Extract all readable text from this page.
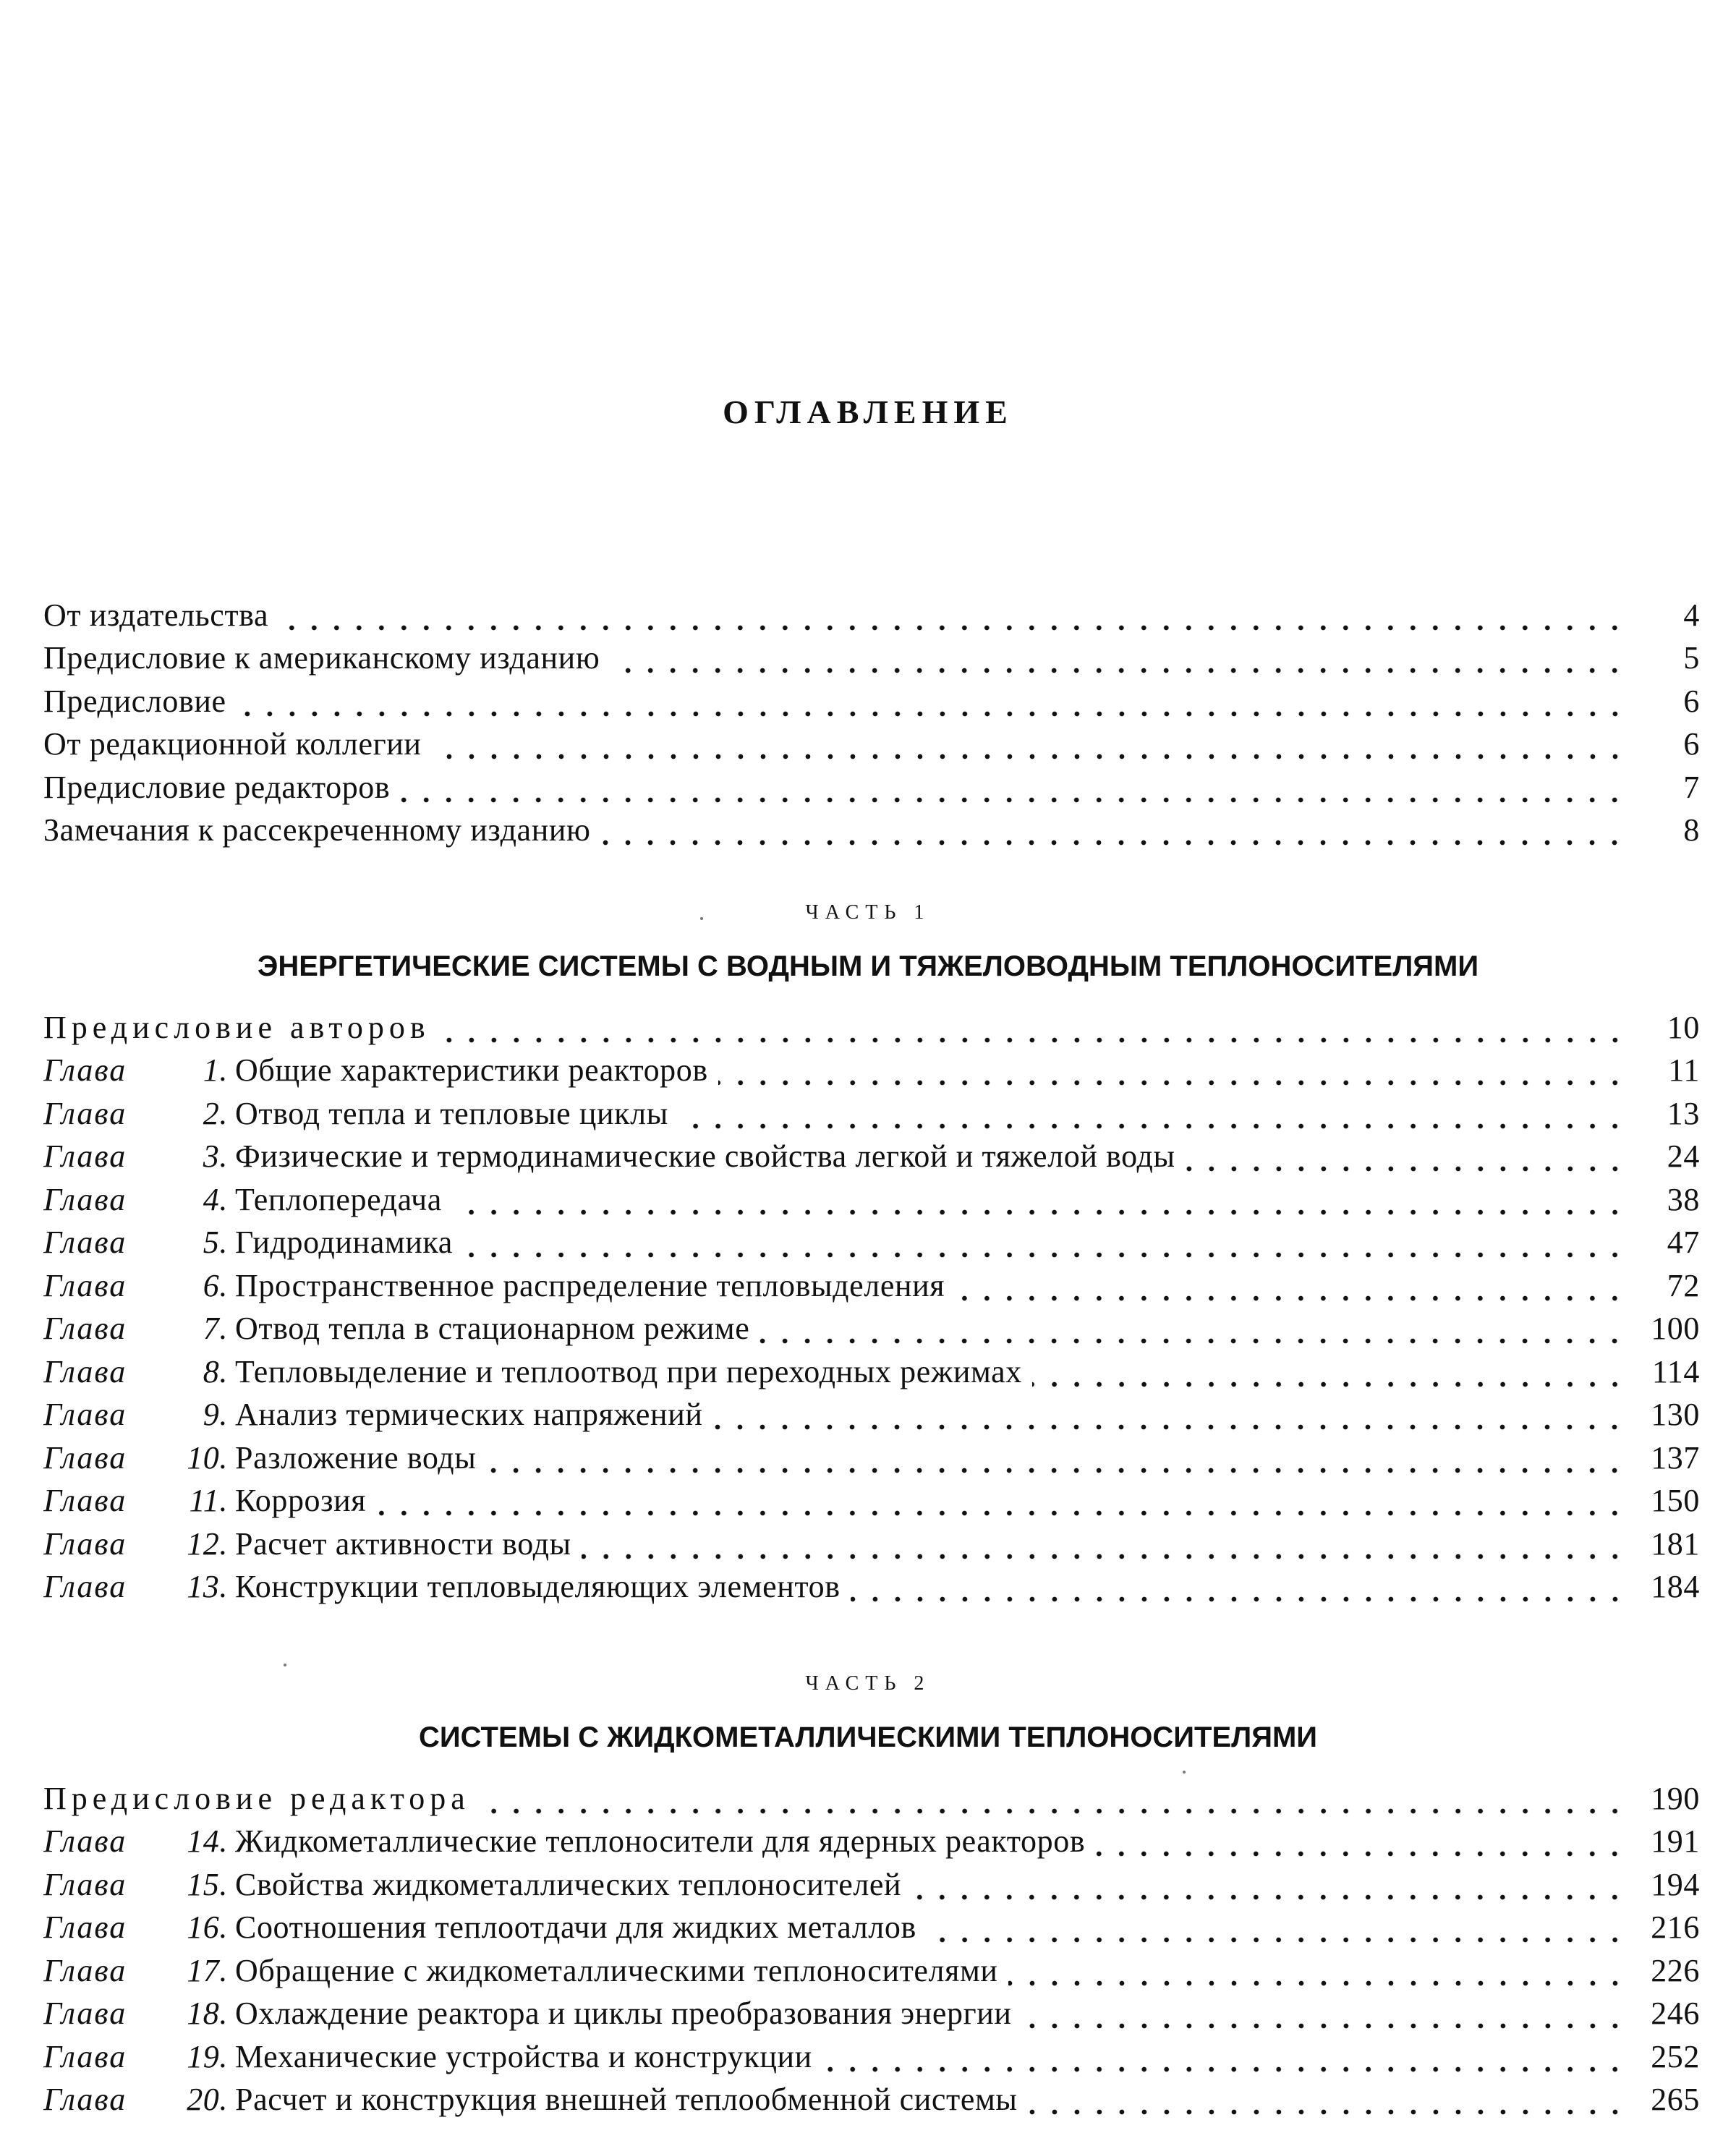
ОГЛАВЛЕНИЕ
От издательства	4
Предисловие к американскому изданию	5
Предисловие	6
От редакционной коллегии	6
Предисловие редакторов	7
Замечания к рассекреченному изданию	8
ЧАСТЬ 1
ЭНЕРГЕТИЧЕСКИЕ СИСТЕМЫ С ВОДНЫМ И ТЯЖЕЛОВОДНЫМ ТЕПЛОНОСИТЕЛЯМИ
Предисловие авторов	10
Глава 1. Общие характеристики реакторов	11
Глава 2. Отвод тепла и тепловые циклы	13
Глава 3. Физические и термодинамические свойства легкой и тяжелой воды	24
Глава 4. Теплопередача	38
Глава 5. Гидродинамика	47
Глава 6. Пространственное распределение тепловыделения	72
Глава 7. Отвод тепла в стационарном режиме	100
Глава 8. Тепловыделение и теплоотвод при переходных режимах	114
Глава 9. Анализ термических напряжений	130
Глава 10. Разложение воды	137
Глава 11. Коррозия	150
Глава 12. Расчет активности воды	181
Глава 13. Конструкции тепловыделяющих элементов	184
ЧАСТЬ 2
СИСТЕМЫ С ЖИДКОМЕТАЛЛИЧЕСКИМИ ТЕПЛОНОСИТЕЛЯМИ
Предисловие редактора	190
Глава 14. Жидкометаллические теплоносители для ядерных реакторов	191
Глава 15. Свойства жидкометаллических теплоносителей	194
Глава 16. Соотношения теплоотдачи для жидких металлов	216
Глава 17. Обращение с жидкометаллическими теплоносителями	226
Глава 18. Охлаждение реактора и циклы преобразования энергии	246
Глава 19. Механические устройства и конструкции	252
Глава 20. Расчет и конструкция внешней теплообменной системы	265
